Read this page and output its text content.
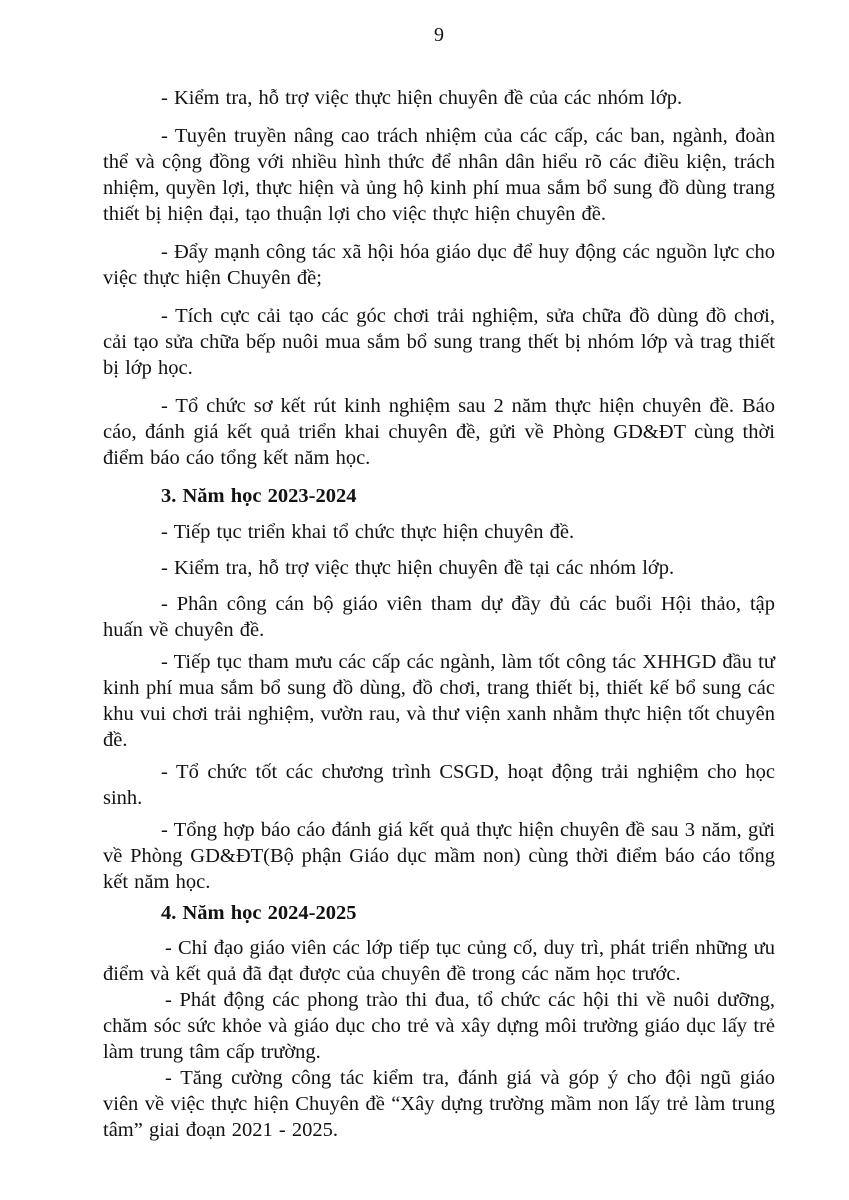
9

- Kiểm tra, hỗ trợ việc thực hiện chuyên đề của các nhóm lớp.

- Tuyên truyền nâng cao trách nhiệm của các cấp, các ban, ngành, đoàn thể và cộng đồng với nhiều hình thức để nhân dân hiểu rõ các điều kiện, trách nhiệm, quyền lợi, thực hiện và ủng hộ kinh phí mua sắm bổ sung đồ dùng trang thiết bị hiện đại, tạo thuận lợi cho việc thực hiện chuyên đề.

- Đẩy mạnh công tác xã hội hóa giáo dục để huy động các nguồn lực cho việc thực hiện Chuyên đề;

- Tích cực cải tạo các góc chơi trải nghiệm, sửa chữa đồ dùng đồ chơi, cải tạo sửa chữa bếp nuôi mua sắm bổ sung trang thết bị nhóm lớp và trag thiết bị lớp học.

- Tổ chức sơ kết rút kinh nghiệm sau 2 năm thực hiện chuyên đề. Báo cáo, đánh giá kết quả triển khai chuyên đề, gửi về Phòng GD&ĐT cùng thời điểm báo cáo tổng kết năm học.

3. Năm học 2023-2024

- Tiếp tục triển khai tổ chức thực hiện chuyên đề.

- Kiểm tra, hỗ trợ việc thực hiện chuyên đề tại các nhóm lớp.

- Phân công cán bộ giáo viên tham dự đầy đủ các buổi Hội thảo, tập huấn về chuyên đề.

- Tiếp tục tham mưu các cấp các ngành, làm tốt công tác XHHGD đầu tư kinh phí mua sắm bổ sung đồ dùng, đồ chơi, trang thiết bị, thiết kế bổ sung các khu vui chơi trải nghiệm, vườn rau, và thư viện xanh nhằm thực hiện tốt chuyên đề.

- Tổ chức tốt các chương trình CSGD, hoạt động trải nghiệm cho học sinh.

- Tổng hợp báo cáo đánh giá kết quả thực hiện chuyên đề sau 3 năm, gửi về Phòng GD&ĐT(Bộ phận Giáo dục mầm non) cùng thời điểm báo cáo tổng kết năm học.

4. Năm học 2024-2025

- Chỉ đạo giáo viên các lớp tiếp tục củng cố, duy trì, phát triển những ưu điểm và kết quả đã đạt được của chuyên đề trong các năm học trước.

- Phát động các phong trào thi đua, tổ chức các hội thi về nuôi dưỡng, chăm sóc sức khỏe và giáo dục cho trẻ và xây dựng môi trường giáo dục lấy trẻ làm trung tâm cấp trường.

- Tăng cường công tác kiểm tra, đánh giá và góp ý cho đội ngũ giáo viên về việc thực hiện Chuyên đề “Xây dựng trường mầm non lấy trẻ làm trung tâm” giai đoạn 2021 - 2025.
